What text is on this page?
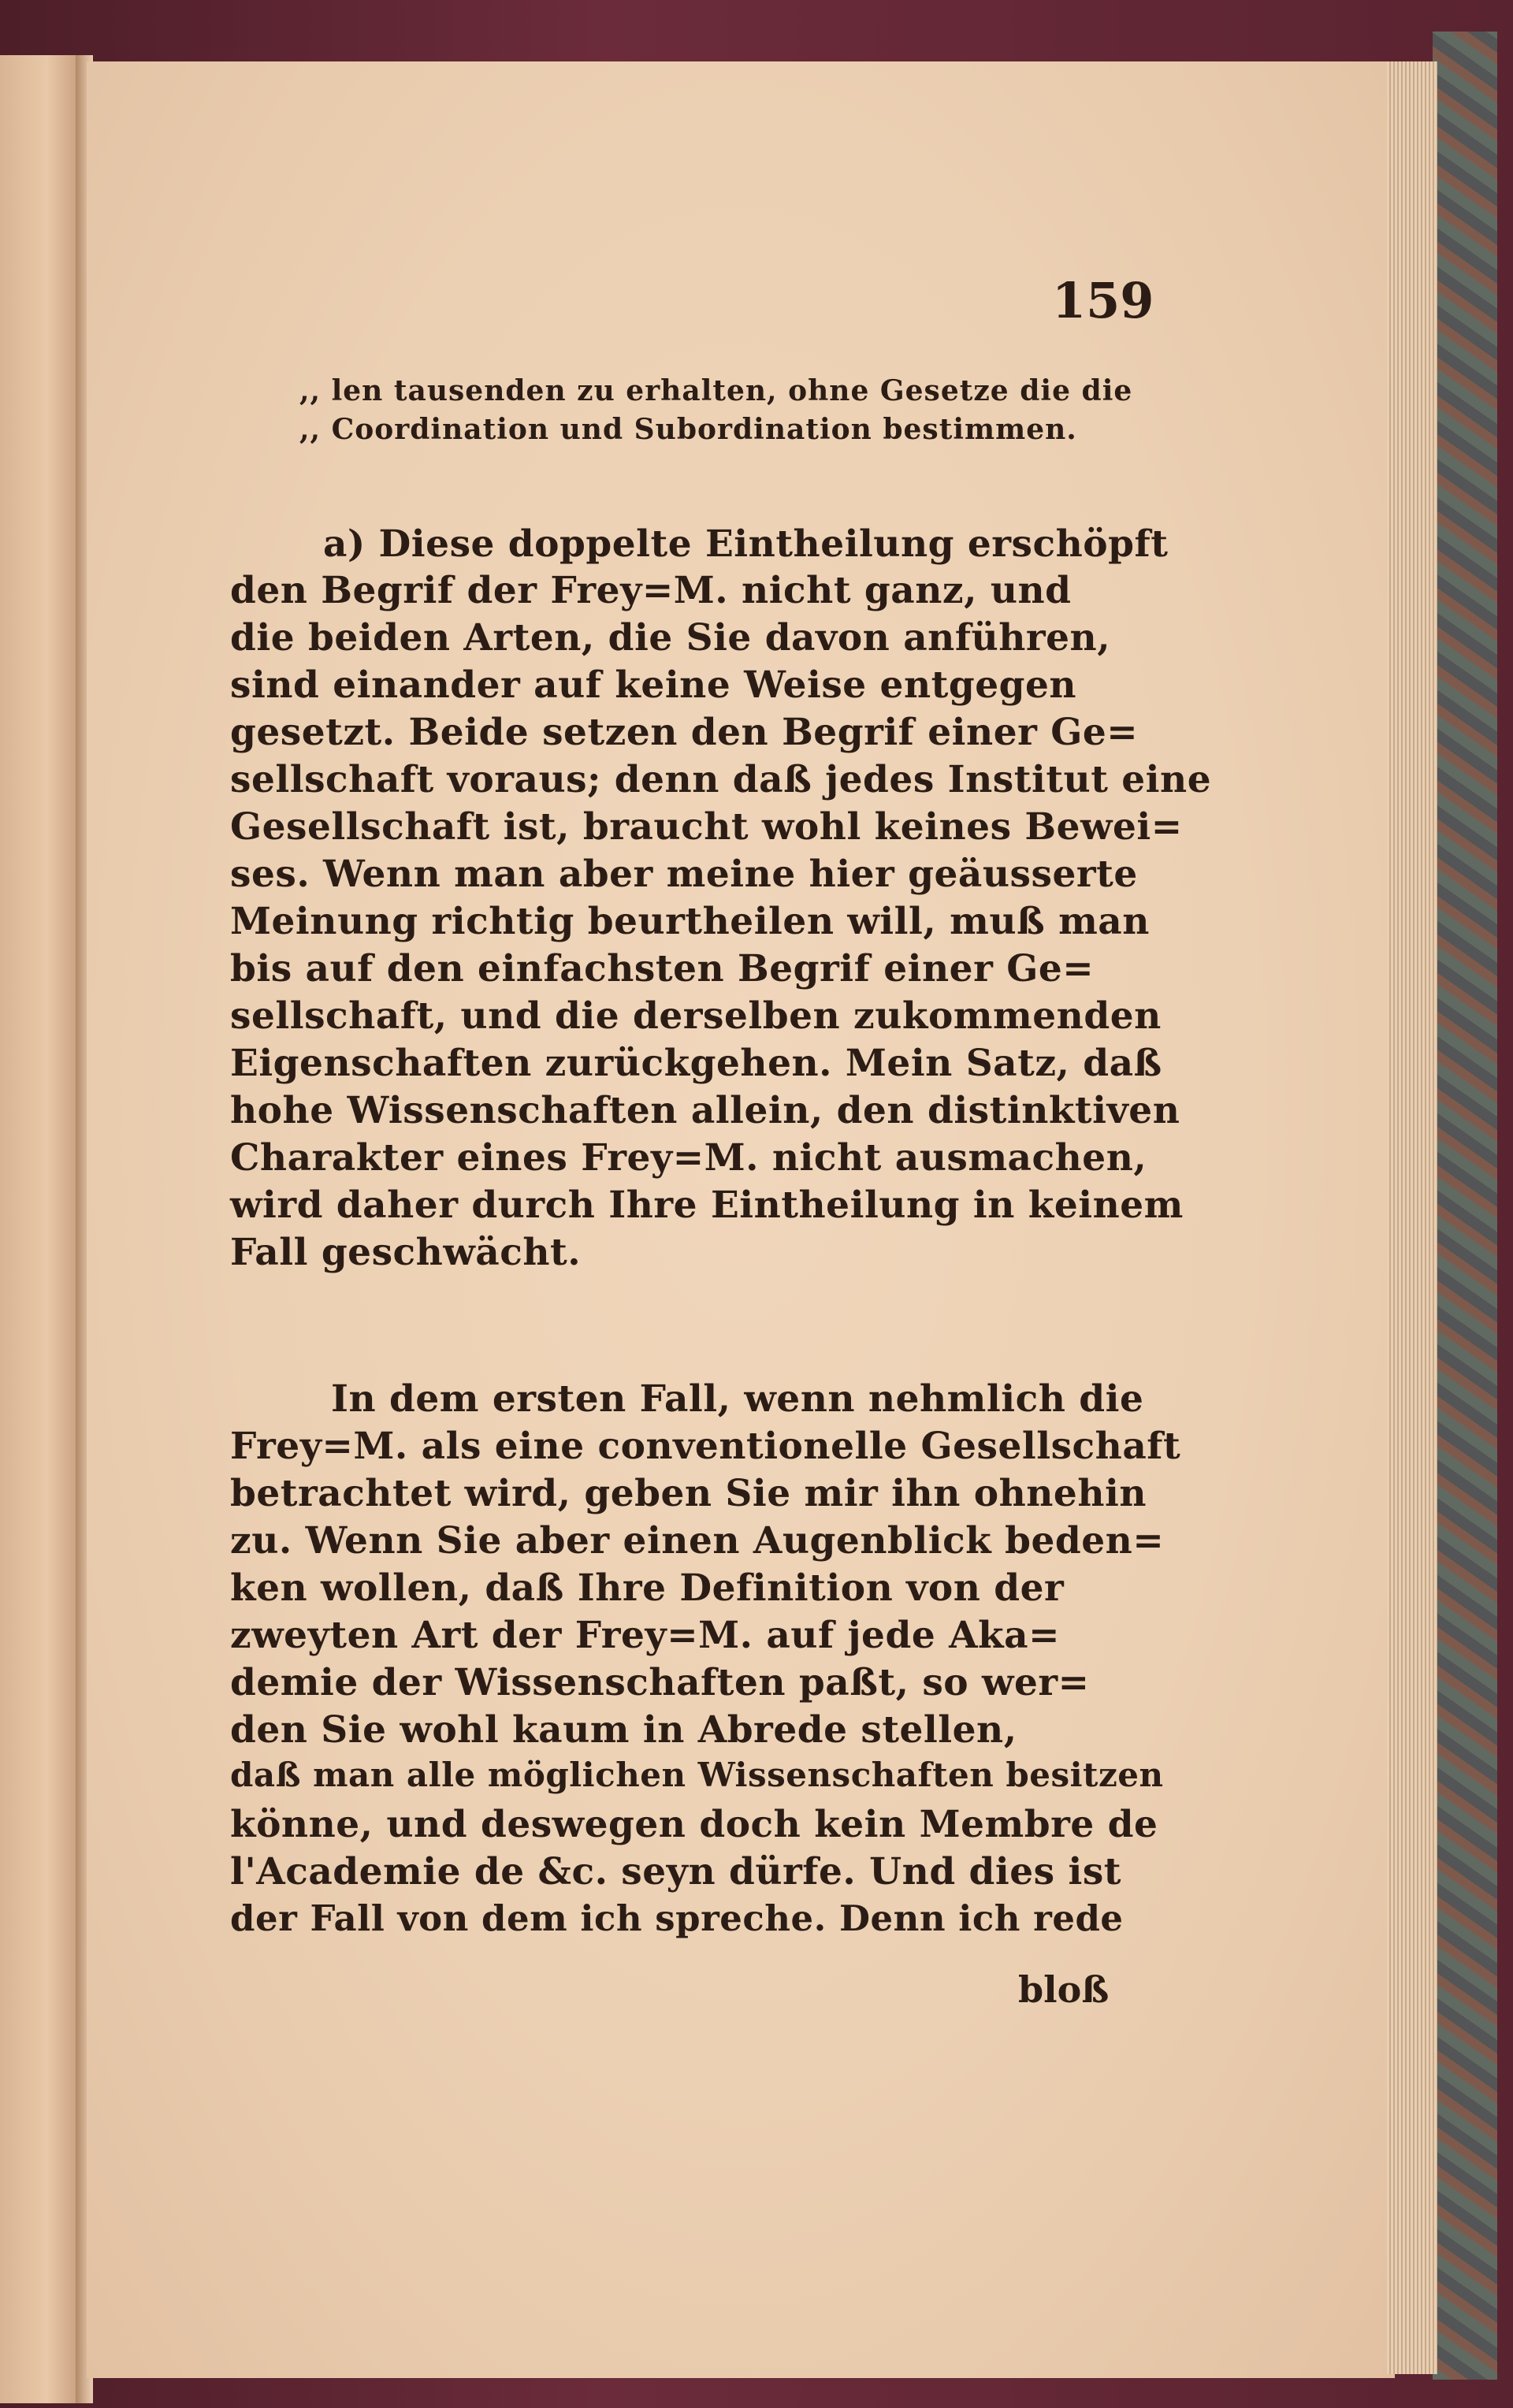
159
,, len tausenden zu erhalten, ohne Gesetze die die
,, Coordination und Subordination bestimmen.
a) Diese doppelte Eintheilung erschöpft
den Begrif der Frey=M. nicht ganz, und
die beiden Arten, die Sie davon anführen,
sind einander auf keine Weise entgegen
gesetzt. Beide setzen den Begrif einer Ge=
sellschaft voraus; denn daß jedes Institut eine
Gesellschaft ist, braucht wohl keines Bewei=
ses. Wenn man aber meine hier geäusserte
Meinung richtig beurtheilen will, muß man
bis auf den einfachsten Begrif einer Ge=
sellschaft, und die derselben zukommenden
Eigenschaften zurückgehen. Mein Satz, daß
hohe Wissenschaften allein, den distinktiven
Charakter eines Frey=M. nicht ausmachen,
wird daher durch Ihre Eintheilung in keinem
Fall geschwächt.
In dem ersten Fall, wenn nehmlich die
Frey=M. als eine conventionelle Gesellschaft
betrachtet wird, geben Sie mir ihn ohnehin
zu. Wenn Sie aber einen Augenblick beden=
ken wollen, daß Ihre Definition von der
zweyten Art der Frey=M. auf jede Aka=
demie der Wissenschaften paßt, so wer=
den Sie wohl kaum in Abrede stellen,
daß man alle möglichen Wissenschaften besitzen
könne, und deswegen doch kein Membre de
l'Academie de &c. seyn dürfe. Und dies ist
der Fall von dem ich spreche. Denn ich rede
bloß
